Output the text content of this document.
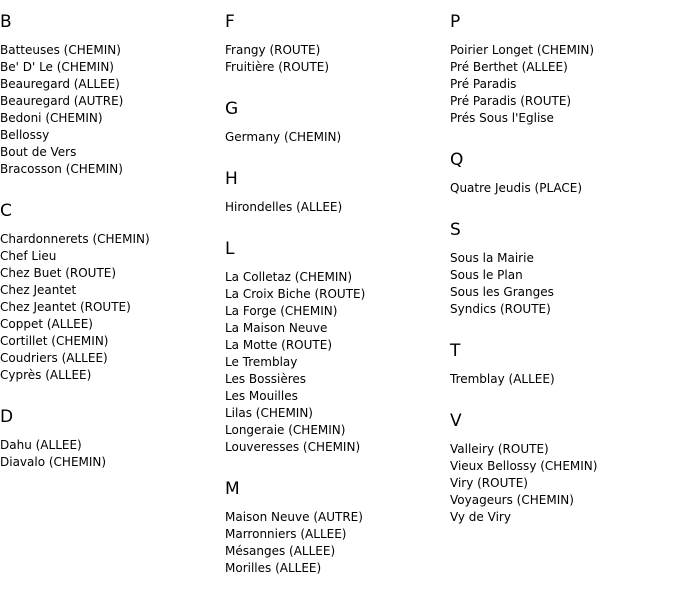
B
Batteuses (CHEMIN)
Be' D' Le (CHEMIN)
Beauregard (ALLEE)
Beauregard (AUTRE)
Bedoni (CHEMIN)
Bellossy
Bout de Vers
Bracosson (CHEMIN)
C
Chardonnerets (CHEMIN)
Chef Lieu
Chez Buet (ROUTE)
Chez Jeantet
Chez Jeantet (ROUTE)
Coppet (ALLEE)
Cortillet (CHEMIN)
Coudriers (ALLEE)
Cyprès (ALLEE)
D
Dahu (ALLEE)
Diavalo (CHEMIN)
F
Frangy (ROUTE)
Fruitière (ROUTE)
G
Germany (CHEMIN)
H
Hirondelles (ALLEE)
L
La Colletaz (CHEMIN)
La Croix Biche (ROUTE)
La Forge (CHEMIN)
La Maison Neuve
La Motte (ROUTE)
Le Tremblay
Les Bossières
Les Mouilles
Lilas (CHEMIN)
Longeraie (CHEMIN)
Louveresses (CHEMIN)
M
Maison Neuve (AUTRE)
Marronniers (ALLEE)
Mésanges (ALLEE)
Morilles (ALLEE)
P
Poirier Longet (CHEMIN)
Pré Berthet (ALLEE)
Pré Paradis
Pré Paradis (ROUTE)
Prés Sous l'Eglise
Q
Quatre Jeudis (PLACE)
S
Sous la Mairie
Sous le Plan
Sous les Granges
Syndics (ROUTE)
T
Tremblay (ALLEE)
V
Valleiry (ROUTE)
Vieux Bellossy (CHEMIN)
Viry (ROUTE)
Voyageurs (CHEMIN)
Vy de Viry
